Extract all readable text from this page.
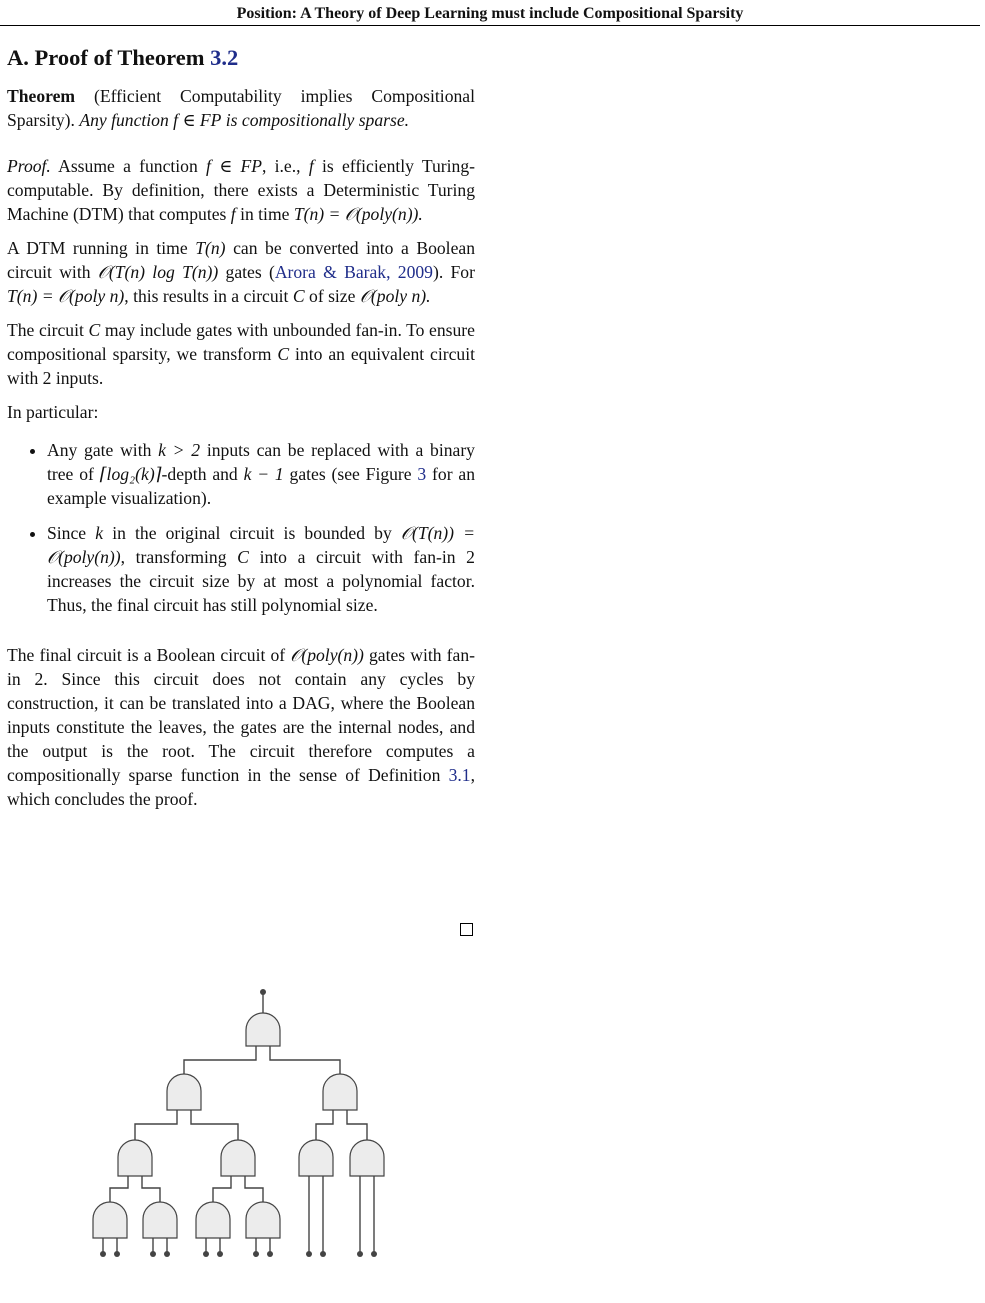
Position: A Theory of Deep Learning must include Compositional Sparsity
A. Proof of Theorem 3.2

Theorem (Efficient Computability implies Compositional Sparsity). Any function f ∈ FP is compositionally sparse.

Proof. Assume a function f ∈ FP, i.e., f is efficiently Turing-computable. By definition, there exists a Deterministic Turing Machine (DTM) that computes f in time T(n) = 𝒪(poly(n)).

A DTM running in time T(n) can be converted into a Boolean circuit with 𝒪(T(n) log T(n)) gates (Arora & Barak, 2009). For T(n) = 𝒪(poly n), this results in a circuit C of size 𝒪(poly n).

The circuit C may include gates with unbounded fan-in. To ensure compositional sparsity, we transform C into an equivalent circuit with 2 inputs.

In particular:

• Any gate with k > 2 inputs can be replaced with a binary tree of ⌈log₂(k)⌉-depth and k − 1 gates (see Figure 3 for an example visualization).
• Since k in the original circuit is bounded by 𝒪(T(n)) = 𝒪(poly(n)), transforming C into a circuit with fan-in 2 increases the circuit size by at most a polynomial factor. Thus, the final circuit has still polynomial size.

The final circuit is a Boolean circuit of 𝒪(poly(n)) gates with fan-in 2. Since this circuit does not contain any cycles by construction, it can be translated into a DAG, where the Boolean inputs constitute the leaves, the gates are the internal nodes, and the output is the root. The circuit therefore computes a compositionally sparse function in the sense of Definition 3.1, which concludes the proof.
